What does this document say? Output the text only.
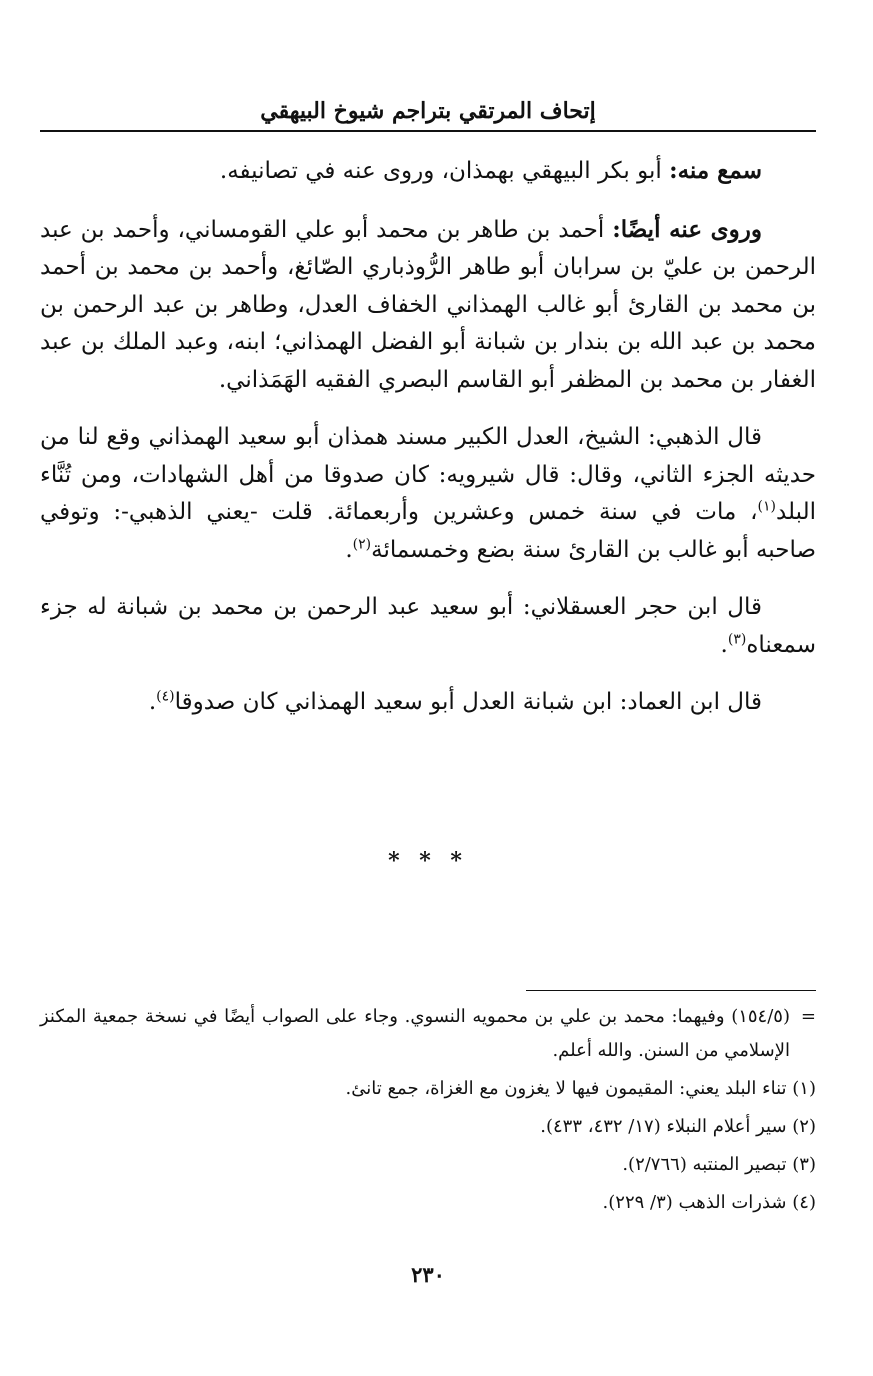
إتحاف المرتقي بتراجم شيوخ البيهقي

سمع منه: أبو بكر البيهقي بهمذان، وروى عنه في تصانيفه.

وروى عنه أيضًا: أحمد بن طاهر بن محمد أبو علي القومساني، وأحمد بن عبد الرحمن بن عليّ بن سرابان أبو طاهر الرُّوذباري الصّائغ، وأحمد بن محمد بن أحمد بن محمد بن القارئ أبو غالب الهمذاني الخفاف العدل، وطاهر بن عبد الرحمن بن محمد بن عبد الله بن بندار بن شبانة أبو الفضل الهمذاني؛ ابنه، وعبد الملك بن عبد الغفار بن محمد بن المظفر أبو القاسم البصري الفقيه الهَمَذاني.

قال الذهبي: الشيخ، العدل الكبير مسند همذان أبو سعيد الهمذاني وقع لنا من حديثه الجزء الثاني، وقال: قال شيرويه: كان صدوقا من أهل الشهادات، ومن تُنَّاء البلد$^{(١)}$، مات في سنة خمس وعشرين وأربعمائة. قلت -يعني الذهبي-: وتوفي صاحبه أبو غالب بن القارئ سنة بضع وخمسمائة$^{(٢)}$.

قال ابن حجر العسقلاني: أبو سعيد عبد الرحمن بن محمد بن شبانة له جزء سمعناه$^{(٣)}$.

قال ابن العماد: ابن شبانة العدل أبو سعيد الهمذاني كان صدوقا$^{(٤)}$.

* * *

=(١٥٤/٥) وفيهما: محمد بن علي بن محمويه النسوي. وجاء على الصواب أيضًا في نسخة جمعية المكنز الإسلامي من السنن. والله أعلم.

(١) تناء البلد يعني: المقيمون فيها لا يغزون مع الغزاة، جمع تانئ.

(٢) سير أعلام النبلاء (١٧/ ٤٣٢، ٤٣٣).

(٣) تبصير المنتبه (٢/٧٦٦).

(٤) شذرات الذهب (٣/ ٢٢٩).

٢٣٠
